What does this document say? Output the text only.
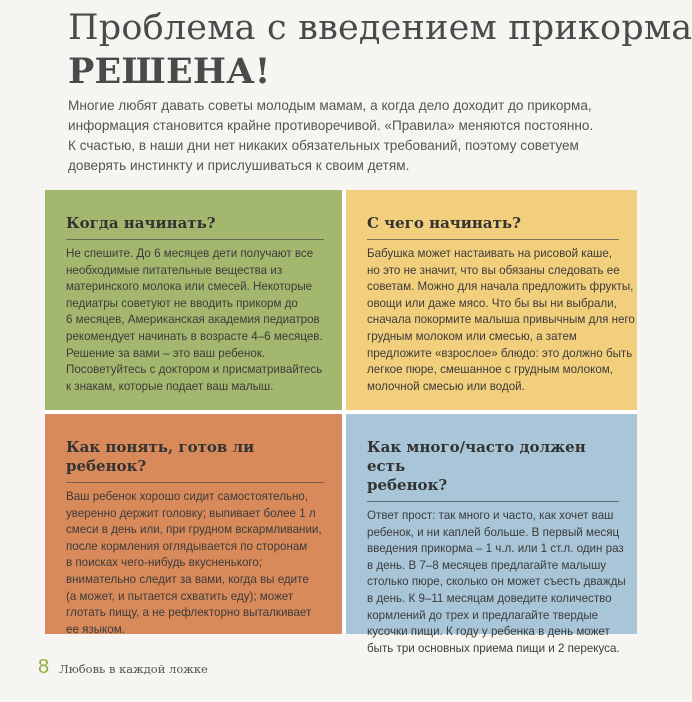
Проблема с введением прикорма
РЕШЕНА!

Многие любят давать советы молодым мамам, а когда дело доходит до прикорма,

информация становится крайне противоречивой. «Правила» меняются постоянно.

К счастью, в наши дни нет никаких обязательных требований, поэтому советуем

доверять инстинкту и прислушиваться к своим детям.

Когда начинать?

Не спешите. До 6 месяцев дети получают все
необходимые питательные вещества из
материнского молока или смесей. Некоторые
педиатры советуют не вводить прикорм до
6 месяцев, Американская академия педиатров
рекомендует начинать в возрасте 4–6 месяцев.
Решение за вами – это ваш ребенок.
Посоветуйтесь с доктором и присматривайтесь
к знакам, которые подает ваш малыш.

С чего начинать?

Бабушка может настаивать на рисовой каше,
но это не значит, что вы обязаны следовать ее
советам. Можно для начала предложить фрукты,
овощи или даже мясо. Что бы вы ни выбрали,
сначала покормите малыша привычным для него
грудным молоком или смесью, а затем
предложите «взрослое» блюдо: это должно быть
легкое пюре, смешанное с грудным молоком,
молочной смесью или водой.

Как понять, готов ли ребенок?

Ваш ребенок хорошо сидит самостоятельно,
уверенно держит головку; выпивает более 1 л
смеси в день или, при грудном вскармливании,
после кормления оглядывается по сторонам
в поисках чего-нибудь вкусненького;
внимательно следит за вами, когда вы едите
(а может, и пытается схватить еду); может
глотать пищу, а не рефлекторно выталкивает
ее языком.

Как много/часто должен есть
ребенок?

Ответ прост: так много и часто, как хочет ваш
ребенок, и ни каплей больше. В первый месяц
введения прикорма – 1 ч.л. или 1 ст.л. один раз
в день. В 7–8 месяцев предлагайте малышу
столько пюре, сколько он может съесть дважды
в день. К 9–11 месяцам доведите количество
кормлений до трех и предлагайте твердые
кусочки пищи. К году у ребенка в день может
быть три основных приема пищи и 2 перекуса.

8 Любовь в каждой ложке
